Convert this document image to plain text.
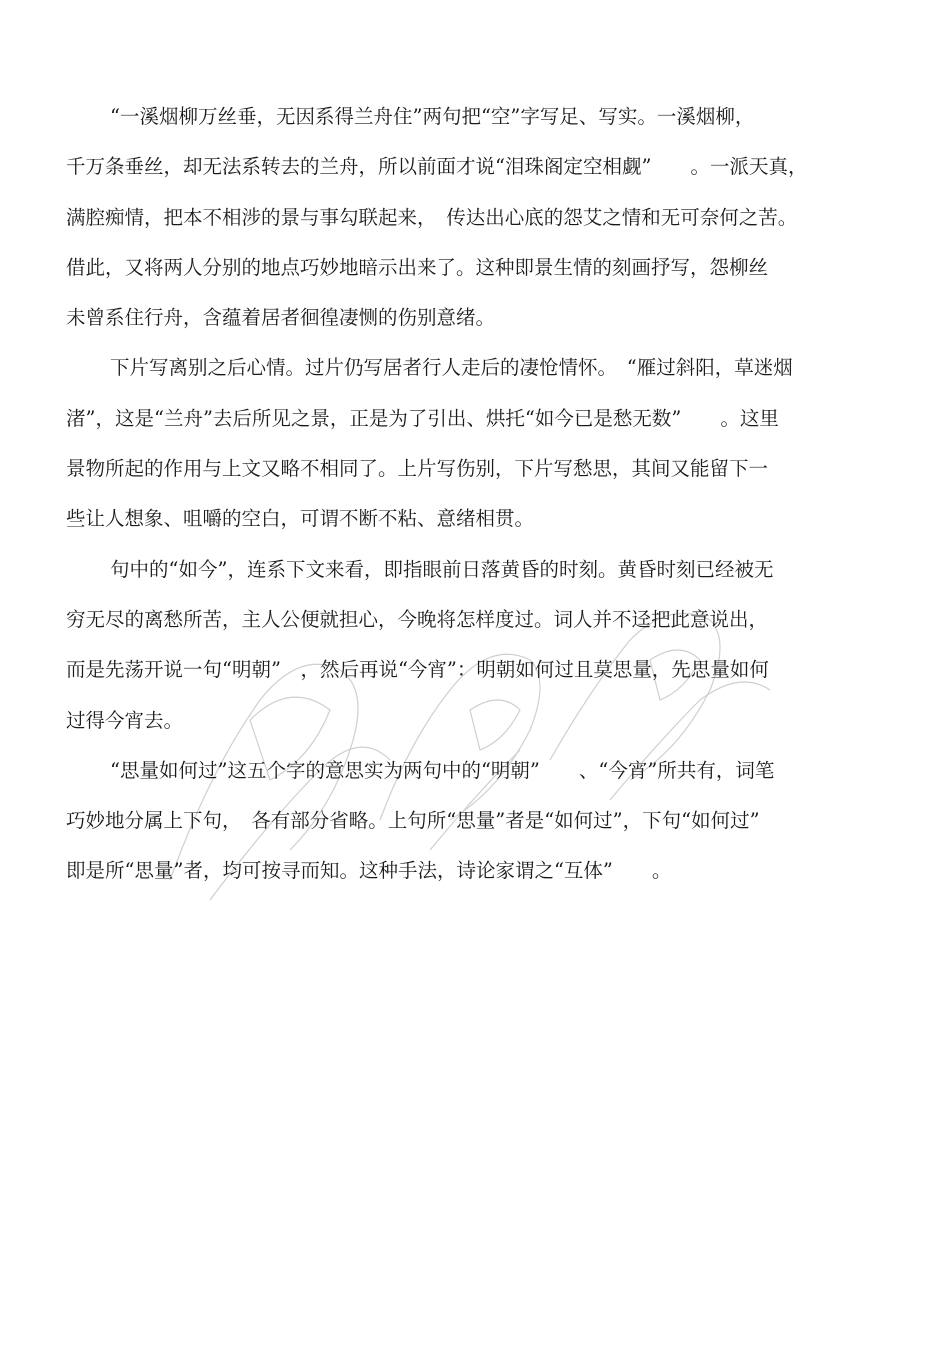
“一溪烟柳万丝垂，无因系得兰舟住”两句把“空”字写足、写实。一溪烟柳，
千万条垂丝，却无法系转去的兰舟，所以前面才说“泪珠阁定空相觑”　　。一派天真，
满腔痴情，把本不相涉的景与事勾联起来，　传达出心底的怨艾之情和无可奈何之苦。
借此，又将两人分别的地点巧妙地暗示出来了。这种即景生情的刻画抒写，怨柳丝
未曾系住行舟，含蕴着居者徊徨凄恻的伤别意绪。
下片写离别之后心情。过片仍写居者行人走后的凄怆情怀。　“雁过斜阳，草迷烟
渚”，这是“兰舟”去后所见之景，正是为了引出、烘托“如今已是愁无数”　　。这里
景物所起的作用与上文又略不相同了。上片写伤别，下片写愁思，其间又能留下一
些让人想象、咀嚼的空白，可谓不断不粘、意绪相贯。
句中的“如今”，连系下文来看，即指眼前日落黄昏的时刻。黄昏时刻已经被无
穷无尽的离愁所苦，主人公便就担心，今晚将怎样度过。词人并不迳把此意说出，
而是先荡开说一句“明朝”　，然后再说“今宵”：明朝如何过且莫思量，先思量如何
过得今宵去。
“思量如何过”这五个字的意思实为两句中的“明朝”　　、“今宵”所共有，词笔
巧妙地分属上下句，　各有部分省略。上句所“思量”者是“如何过”，下句“如何过”
即是所“思量”者，均可按寻而知。这种手法，诗论家谓之“互体”　　。
